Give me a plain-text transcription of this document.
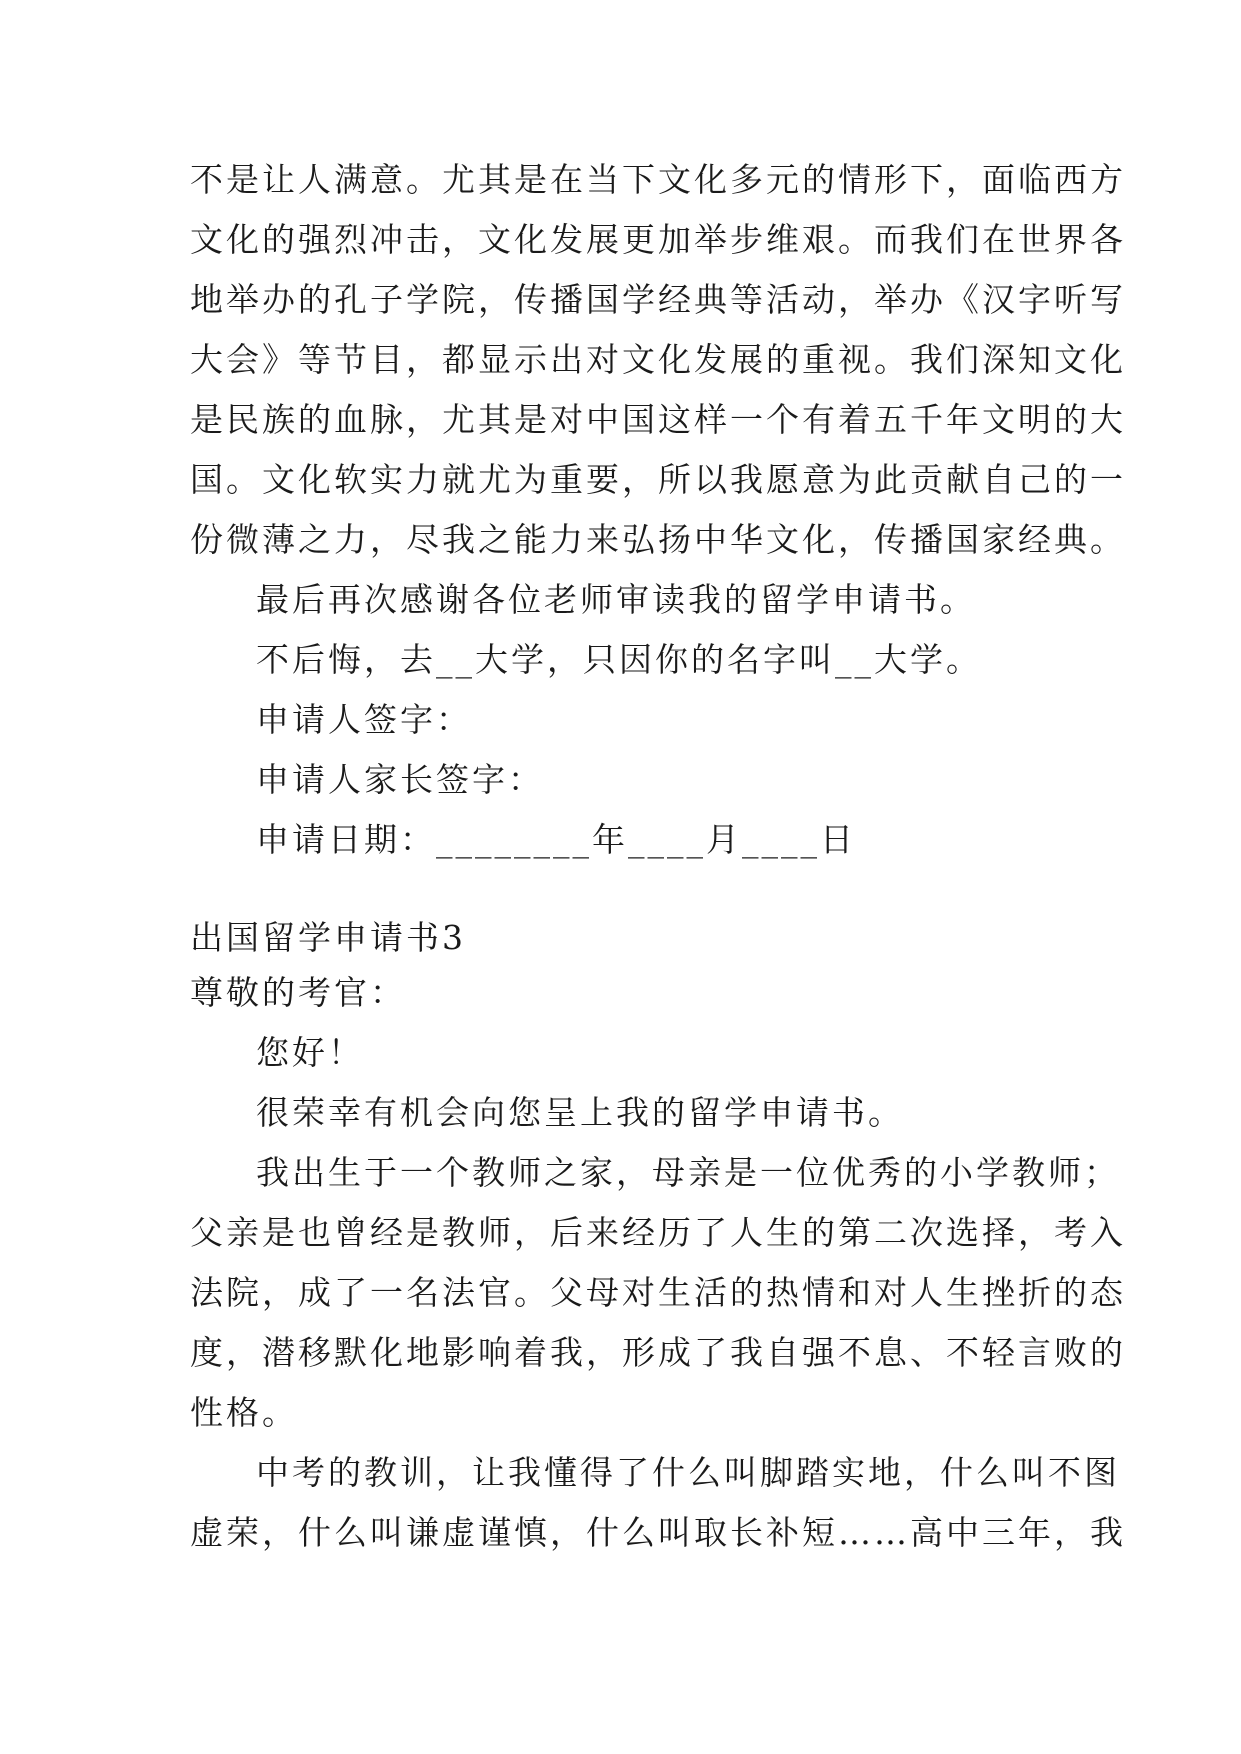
不是让人满意。尤其是在当下文化多元的情形下，面临西方
文化的强烈冲击，文化发展更加举步维艰。而我们在世界各
地举办的孔子学院，传播国学经典等活动，举办《汉字听写
大会》等节目，都显示出对文化发展的重视。我们深知文化
是民族的血脉，尤其是对中国这样一个有着五千年文明的大
国。文化软实力就尤为重要，所以我愿意为此贡献自己的一
份微薄之力，尽我之能力来弘扬中华文化，传播国家经典。
最后再次感谢各位老师审读我的留学申请书。
不后悔，去__大学，只因你的名字叫__大学。
申请人签字：
申请人家长签字：
申请日期：________年____月____日
出国留学申请书3
尊敬的考官：
您好！
很荣幸有机会向您呈上我的留学申请书。
我出生于一个教师之家，母亲是一位优秀的小学教师；
父亲是也曾经是教师，后来经历了人生的第二次选择，考入
法院，成了一名法官。父母对生活的热情和对人生挫折的态
度，潜移默化地影响着我，形成了我自强不息、不轻言败的
性格。
中考的教训，让我懂得了什么叫脚踏实地，什么叫不图
虚荣，什么叫谦虚谨慎，什么叫取长补短……高中三年，我
